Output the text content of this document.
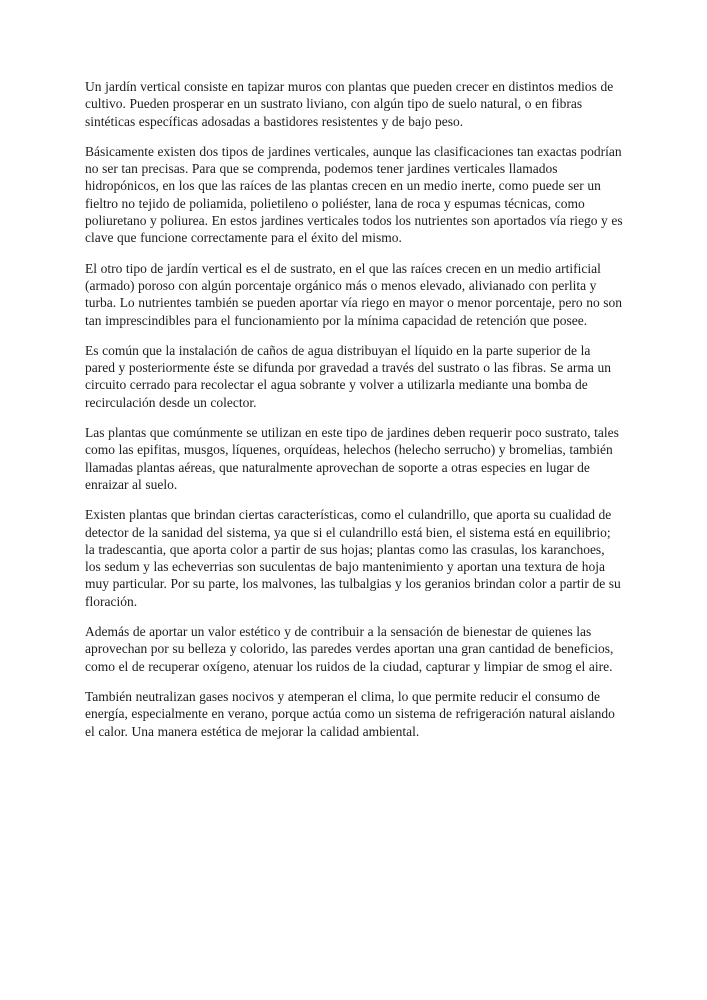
Un jardín vertical consiste en tapizar muros con plantas que pueden crecer en distintos medios de cultivo. Pueden prosperar en un sustrato liviano, con algún tipo de suelo natural, o en fibras sintéticas específicas adosadas a bastidores resistentes y de bajo peso.

Básicamente existen dos tipos de jardines verticales, aunque las clasificaciones tan exactas podrían no ser tan precisas. Para que se comprenda, podemos tener jardines verticales llamados hidropónicos, en los que las raíces de las plantas crecen en un medio inerte, como puede ser un fieltro no tejido de poliamida, polietileno o poliéster, lana de roca y espumas técnicas, como poliuretano y poliurea. En estos jardines verticales todos los nutrientes son aportados vía riego y es clave que funcione correctamente para el éxito del mismo.

El otro tipo de jardín vertical es el de sustrato, en el que las raíces crecen en un medio artificial (armado) poroso con algún porcentaje orgánico más o menos elevado, alivianado con perlita y turba. Lo nutrientes también se pueden aportar vía riego en mayor o menor porcentaje, pero no son tan imprescindibles para el funcionamiento por la mínima capacidad de retención que posee.

Es común que la instalación de caños de agua distribuyan el líquido en la parte superior de la pared y posteriormente éste se difunda por gravedad a través del sustrato o las fibras. Se arma un circuito cerrado para recolectar el agua sobrante y volver a utilizarla mediante una bomba de recirculación desde un colector.

Las plantas que comúnmente se utilizan en este tipo de jardines deben requerir poco sustrato, tales como las epifitas, musgos, líquenes, orquídeas, helechos (helecho serrucho) y bromelias, también llamadas plantas aéreas, que naturalmente aprovechan de soporte a otras especies en lugar de enraizar al suelo.

Existen plantas que brindan ciertas características, como el culandrillo, que aporta su cualidad de detector de la sanidad del sistema, ya que si el culandrillo está bien, el sistema está en equilibrio; la tradescantia, que aporta color a partir de sus hojas; plantas como las crasulas, los karanchoes, los sedum y las echeverrias son suculentas de bajo mantenimiento y aportan una textura de hoja muy particular. Por su parte, los malvones, las tulbalgias y los geranios brindan color a partir de su floración.

Además de aportar un valor estético y de contribuir a la sensación de bienestar de quienes las aprovechan por su belleza y colorido, las paredes verdes aportan una gran cantidad de beneficios, como el de recuperar oxígeno, atenuar los ruidos de la ciudad, capturar y limpiar de smog el aire.

También neutralizan gases nocivos y atemperan el clima, lo que permite reducir el consumo de energía, especialmente en verano, porque actúa como un sistema de refrigeración natural aislando el calor. Una manera estética de mejorar la calidad ambiental.
